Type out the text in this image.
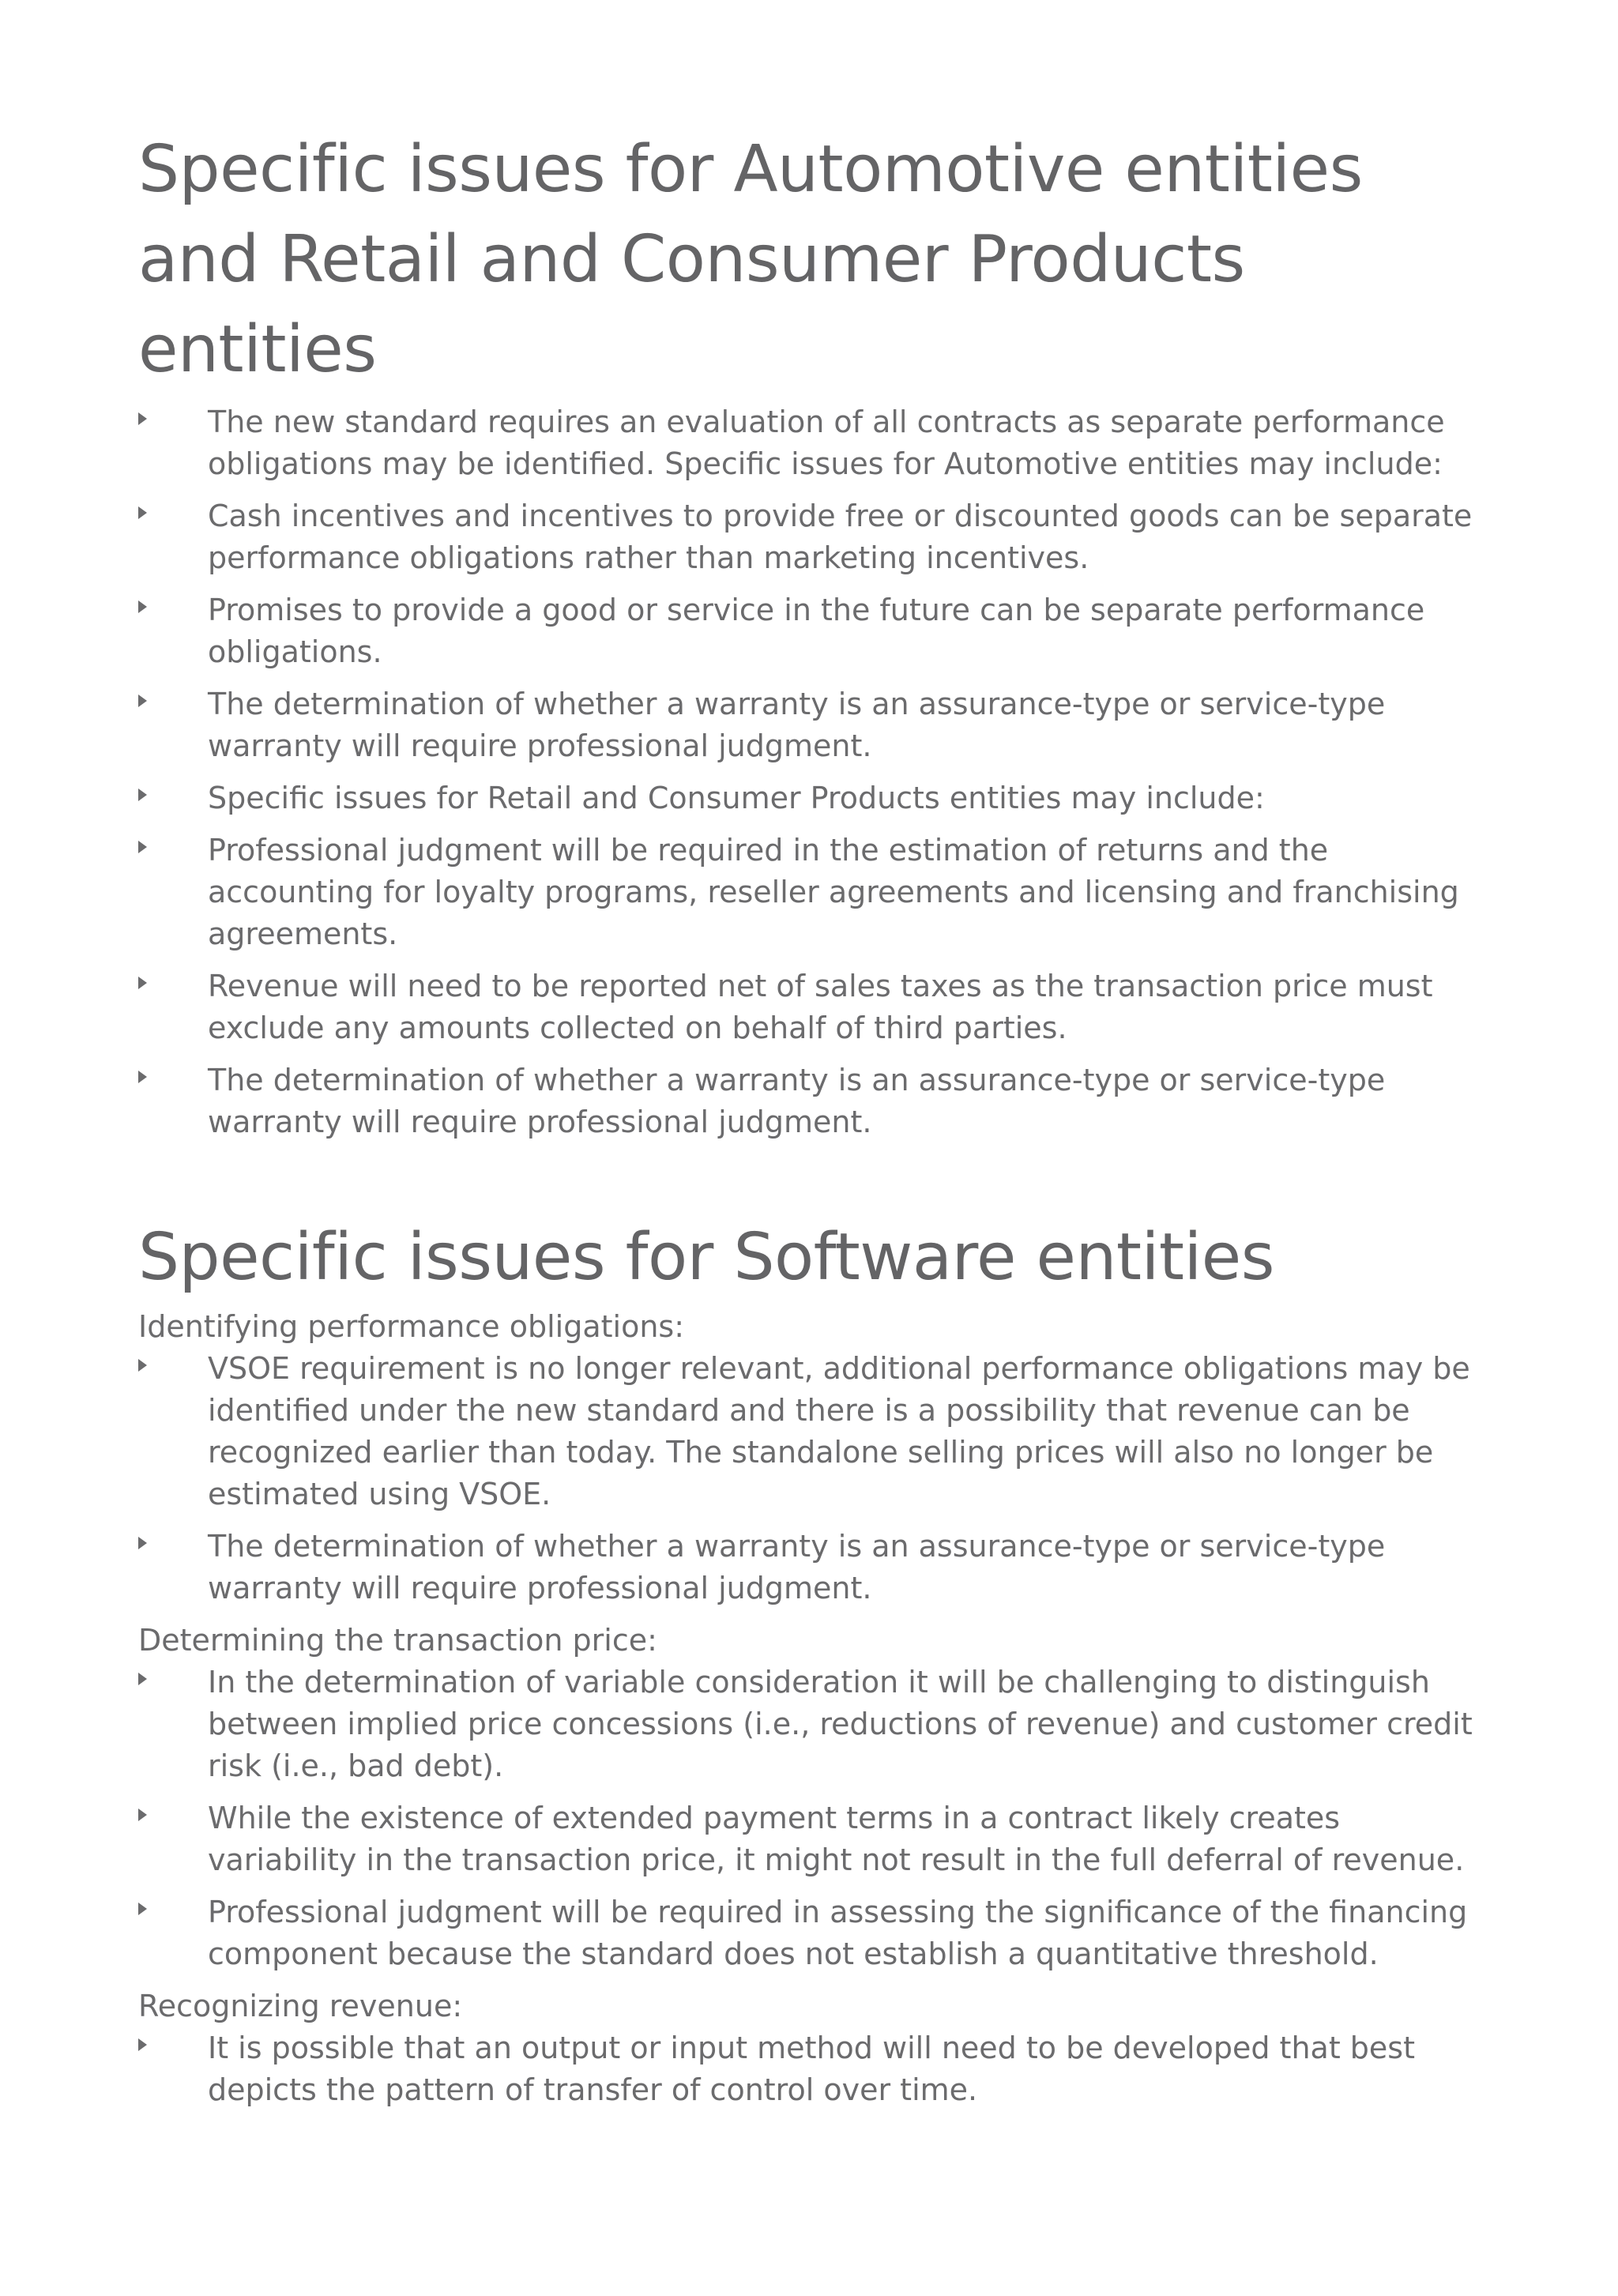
Specific issues for Automotive entities
and Retail and Consumer Products
entities
The new standard requires an evaluation of all contracts as separate performance obligations may be identified. Specific issues for Automotive entities may include:
Cash incentives and incentives to provide free or discounted goods can be separate performance obligations rather than marketing incentives.
Promises to provide a good or service in the future can be separate performance obligations.
The determination of whether a warranty is an assurance-type or service-type warranty will require professional judgment.
Specific issues for Retail and Consumer Products entities may include:
Professional judgment will be required in the estimation of returns and the accounting for loyalty programs, reseller agreements and licensing and franchising agreements.
Revenue will need to be reported net of sales taxes as the transaction price must exclude any amounts collected on behalf of third parties.
The determination of whether a warranty is an assurance-type or service-type warranty will require professional judgment.
Specific issues for Software entities

Identifying performance obligations:

VSOE requirement is no longer relevant, additional performance obligations may be identified under the new standard and there is a possibility that revenue can be recognized earlier than today. The standalone selling prices will also no longer be estimated using VSOE.
The determination of whether a warranty is an assurance-type or service-type warranty will require professional judgment.

Determining the transaction price:

In the determination of variable consideration it will be challenging to distinguish between implied price concessions (i.e., reductions of revenue) and customer credit risk (i.e., bad debt).
While the existence of extended payment terms in a contract likely creates variability in the transaction price, it might not result in the full deferral of revenue.
Professional judgment will be required in assessing the significance of the financing component because the standard does not establish a quantitative threshold.

Recognizing revenue:

It is possible that an output or input method will need to be developed that best depicts the pattern of transfer of control over time.
